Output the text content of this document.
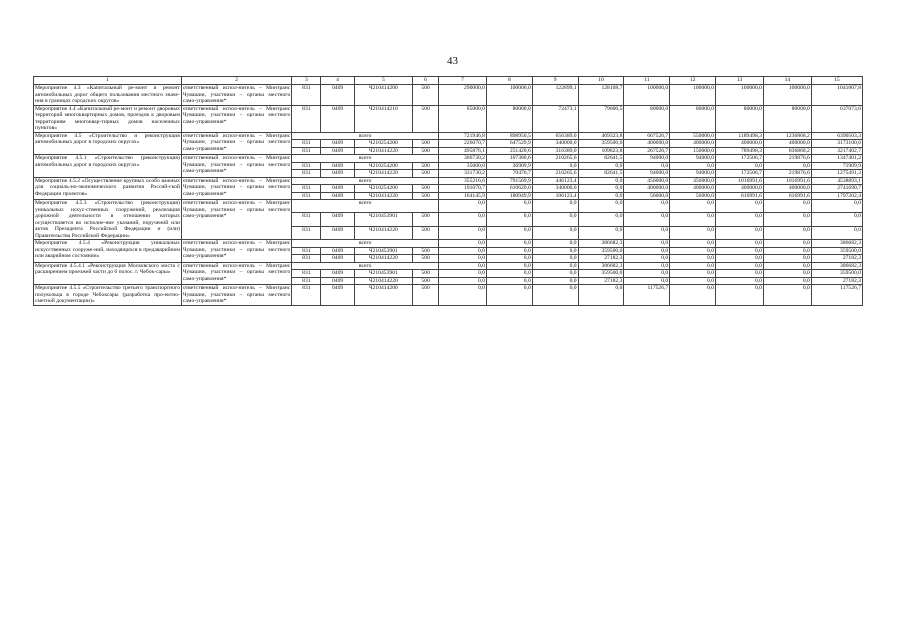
43
1	2	3	4	5	6	7	8	9	10	11	12	13	14	15
Мероприятие 4.3 «Капитальный ре-монт и ремонт автомобильных дорог общего пользования местного значе-ния в границах городских округов»	ответственный испол-нитель – Минтранс Чувашии, участники – органы местного само-управления*	831	0409	Ч210414200	500	290000,0	100000,0	122899,1	128108,7	100000,0	100000,0	100000,0	100000,0	1041007,8
Мероприятие 4.4 «Капитальный ре-монт и ремонт дворовых территорий многоквартирных домов, проездов к дворовым территориям многоквар-тирных домов населенных пунктов»	ответственный испол-нитель – Минтранс Чувашии, участники – органы местного само-управления*	831	0409	Ч210414210	500	85000,0	80000,0	72473,1	79600,5	80000,0	80000,0	80000,0	80000,0	637073,6
Мероприятие 4.5 «Строительство и реконструкция автомобильных дорог в городских округах»	ответственный испол-нитель – Минтранс Чувашии, участники – органы местного само-управления*	всего				721946,8	898950,5	656389,0	469323,8	667526,7	550000,0	1189498,3	1236868,2	6390503,3
		831	0409	Ч210254200	500	226070,7	647529,9	340000,0	359500,0	400000,0	400000,0	400000,0	400000,0	3173100,6
		831	0409	Ч210414220	500	495876,1	251420,6	316389,0	109823,8	267526,7	150000,0	789498,3	836868,2	3217402,7
Мероприятие 4.5.1 «Строительство (реконструкция) автомобильных дорог в городских округах»	ответственный испол-нитель – Минтранс Чувашии, участники – органы местного само-управления*	всего				366730,2	107380,6	210265,6	82641,5	94000,0	94000,0	172506,7	219876,6	1347401,2
		831	0409	Ч210254200	500	35000,0	36909,9	0,0	0,0	0,0	0,0	0,0	0,0	71909,9
		831	0409	Ч210414220	500	331730,2	70470,7	210265,6	82641,5	94000,0	94000,0	172506,7	219876,6	1275491,3
Мероприятие 4.5.2 «Осуществление крупных особо важных для социаль-но-экономического развития Россий-ской Федерации проектов»	ответственный испол-нитель – Минтранс Чувашии, участники – органы местного само-управления*	всего				355216,6	791569,9	446123,4	0,0	456000,0	456000,0	1016991,6	1016991,6	4538893,1
		831	0409	Ч210254200	500	191070,7	610620,0	340000,0	0,0	400000,0	400000,0	400000,0	400000,0	2741690,7
		831	0409	Ч210414220	500	164145,9	180949,9	106123,4	0,0	56000,0	56000,0	616991,6	616991,6	1797202,4
Мероприятие 4.5.3 «Строительство (реконструкция) уникальных искус-ственных сооружений, реализация дорожной деятельности в отношении которых осуществляется во исполне-ние указаний, поручений или актов Президента Российской Федерации и (или) Правительства Российской Федерации»	ответственный испол-нитель – Минтранс Чувашии, участники – органы местного само-управления*	всего				0,0	0,0	0,0	0,0	0,0	0,0	0,0	0,0	0,0
		831	0409	Ч210453901	500	0,0	0,0	0,0	0,0	0,0	0,0	0,0	0,0	0,0
		831	0409	Ч210414220	500	0,0	0,0	0,0	0,0	0,0	0,0	0,0	0,0	0,0
Мероприятие 4.5.4 «Реконструкция уникальных искусственных сооруже-ний, находящихся в предаварийном или аварийном состоянии»	ответственный испол-нитель – Минтранс Чувашии, участники – органы местного само-управления*	всего				0,0	0,0	0,0	386682,3	0,0	0,0	0,0	0,0	386682,3
		831	0409	Ч210453901	500	0,0	0,0	0,0	359500,0	0,0	0,0	0,0	0,0	359500,0
		831	0409	Ч210414220	500	0,0	0,0	0,0	27182,3	0,0	0,0	0,0	0,0	27182,3
Мероприятие 4.5.4.1 «Реконструкция Московского моста с расширением проезжей части до 6 полос. г. Чебок-сары»	ответственный испол-нитель – Минтранс Чувашии, участники – органы местного само-управления*	всего				0,0	0,0	0,0	386682,3	0,0	0,0	0,0	0,0	386682,3
		831	0409	Ч210453901	500	0,0	0,0	0,0	359500,0	0,0	0,0	0,0	0,0	359500,0
		831	0409	Ч210414220	500	0,0	0,0	0,0	27182,3	0,0	0,0	0,0	0,0	27182,3
Мероприятие 4.5.5 «Строительство третьего транспортного полукольца в городе Чебоксары (разработка про-ектно-сметной документации)»	ответственный испол-нитель – Минтранс Чувашии, участники – органы местного само-управления*	831	0409	Ч210414200	500	0,0	0,0	0,0	0,0	117526,7	0,0	0,0	0,0	117526,7
